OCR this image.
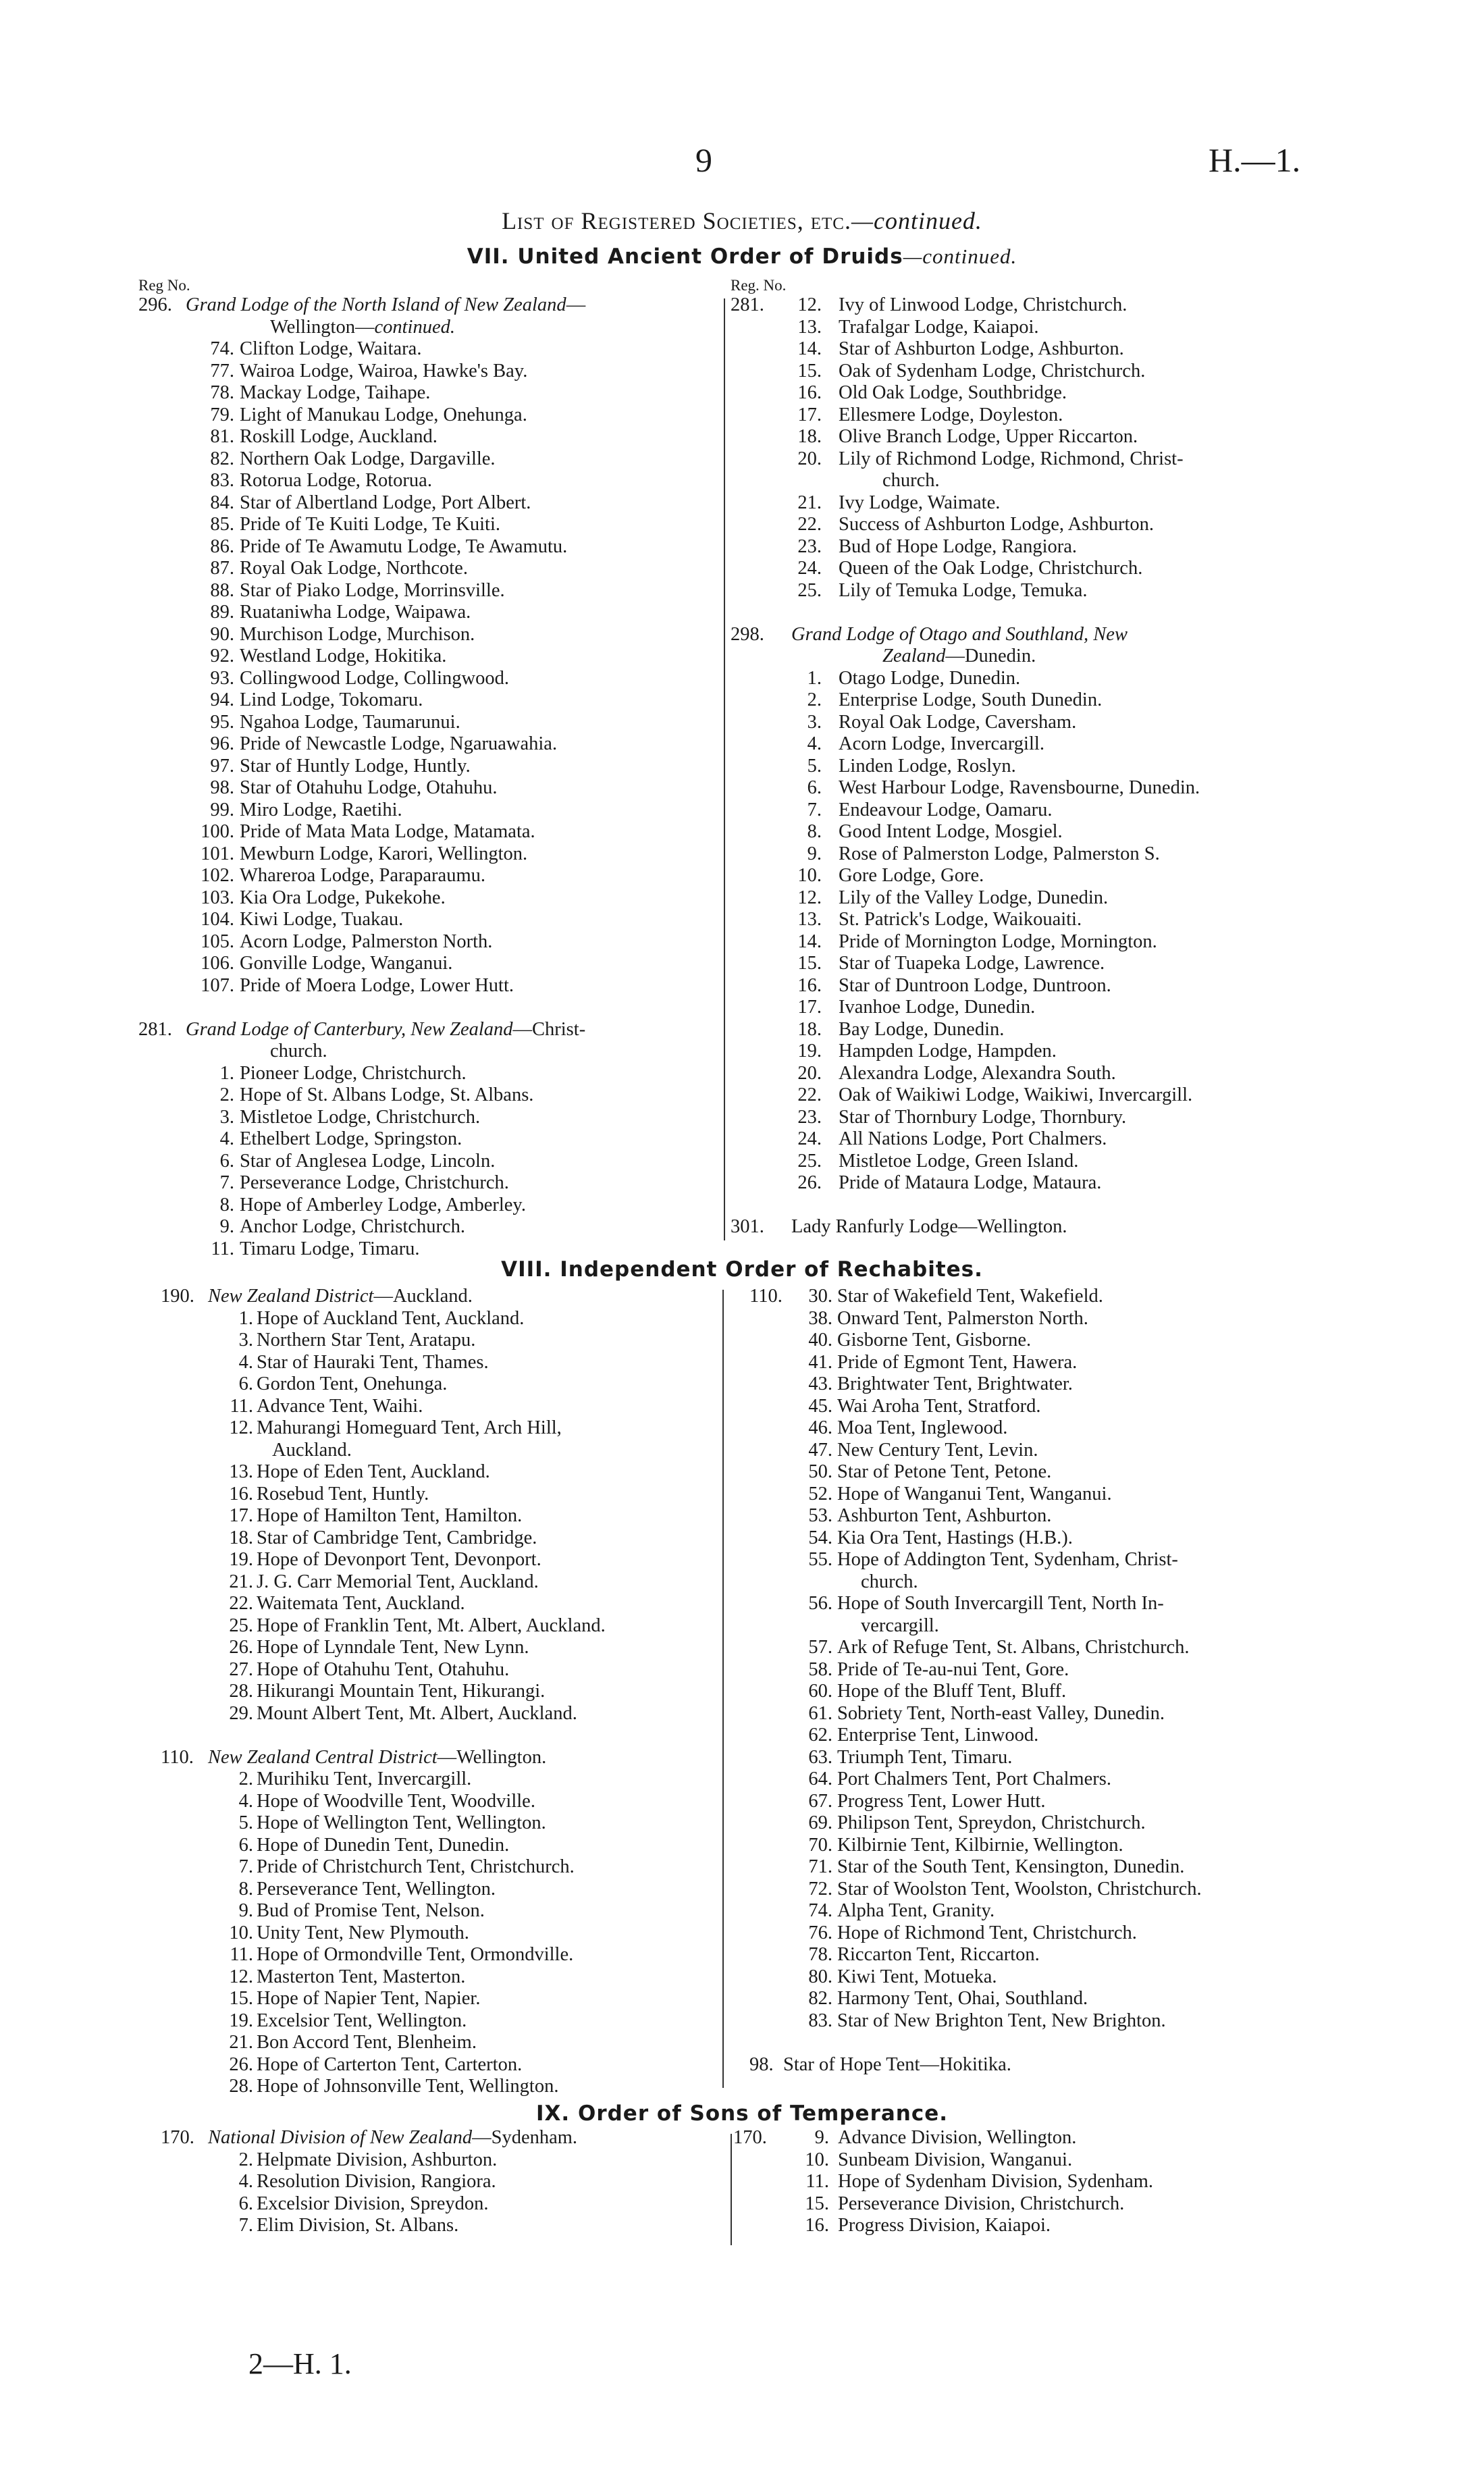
9	H.—1.
List of Registered Societies, etc.—continued.
VII. United Ancient Order of Druids—continued.
Reg No.	Reg. No.
296. Grand Lodge of the North Island of New Zealand—
Wellington—continued.
74. Clifton Lodge, Waitara.
77. Wairoa Lodge, Wairoa, Hawke's Bay.
78. Mackay Lodge, Taihape.
79. Light of Manukau Lodge, Onehunga.
81. Roskill Lodge, Auckland.
82. Northern Oak Lodge, Dargaville.
83. Rotorua Lodge, Rotorua.
84. Star of Albertland Lodge, Port Albert.
85. Pride of Te Kuiti Lodge, Te Kuiti.
86. Pride of Te Awamutu Lodge, Te Awamutu.
87. Royal Oak Lodge, Northcote.
88. Star of Piako Lodge, Morrinsville.
89. Ruataniwha Lodge, Waipawa.
90. Murchison Lodge, Murchison.
92. Westland Lodge, Hokitika.
93. Collingwood Lodge, Collingwood.
94. Lind Lodge, Tokomaru.
95. Ngahoa Lodge, Taumarunui.
96. Pride of Newcastle Lodge, Ngaruawahia.
97. Star of Huntly Lodge, Huntly.
98. Star of Otahuhu Lodge, Otahuhu.
99. Miro Lodge, Raetihi.
100. Pride of Mata Mata Lodge, Matamata.
101. Mewburn Lodge, Karori, Wellington.
102. Whareroa Lodge, Paraparaumu.
103. Kia Ora Lodge, Pukekohe.
104. Kiwi Lodge, Tuakau.
105. Acorn Lodge, Palmerston North.
106. Gonville Lodge, Wanganui.
107. Pride of Moera Lodge, Lower Hutt.
281. Grand Lodge of Canterbury, New Zealand—Christ-
church.
1. Pioneer Lodge, Christchurch.
2. Hope of St. Albans Lodge, St. Albans.
3. Mistletoe Lodge, Christchurch.
4. Ethelbert Lodge, Springston.
6. Star of Anglesea Lodge, Lincoln.
7. Perseverance Lodge, Christchurch.
8. Hope of Amberley Lodge, Amberley.
9. Anchor Lodge, Christchurch.
11. Timaru Lodge, Timaru.
281.	12. Ivy of Linwood Lodge, Christchurch.
13. Trafalgar Lodge, Kaiapoi.
14. Star of Ashburton Lodge, Ashburton.
15. Oak of Sydenham Lodge, Christchurch.
16. Old Oak Lodge, Southbridge.
17. Ellesmere Lodge, Doyleston.
18. Olive Branch Lodge, Upper Riccarton.
20. Lily of Richmond Lodge, Richmond, Christ-
church.
21. Ivy Lodge, Waimate.
22. Success of Ashburton Lodge, Ashburton.
23. Bud of Hope Lodge, Rangiora.
24. Queen of the Oak Lodge, Christchurch.
25. Lily of Temuka Lodge, Temuka.
298. Grand Lodge of Otago and Southland, New
Zealand—Dunedin.
1. Otago Lodge, Dunedin.
2. Enterprise Lodge, South Dunedin.
3. Royal Oak Lodge, Caversham.
4. Acorn Lodge, Invercargill.
5. Linden Lodge, Roslyn.
6. West Harbour Lodge, Ravensbourne, Dunedin.
7. Endeavour Lodge, Oamaru.
8. Good Intent Lodge, Mosgiel.
9. Rose of Palmerston Lodge, Palmerston S.
10. Gore Lodge, Gore.
12. Lily of the Valley Lodge, Dunedin.
13. St. Patrick's Lodge, Waikouaiti.
14. Pride of Mornington Lodge, Mornington.
15. Star of Tuapeka Lodge, Lawrence.
16. Star of Duntroon Lodge, Duntroon.
17. Ivanhoe Lodge, Dunedin.
18. Bay Lodge, Dunedin.
19. Hampden Lodge, Hampden.
20. Alexandra Lodge, Alexandra South.
22. Oak of Waikiwi Lodge, Waikiwi, Invercargill.
23. Star of Thornbury Lodge, Thornbury.
24. All Nations Lodge, Port Chalmers.
25. Mistletoe Lodge, Green Island.
26. Pride of Mataura Lodge, Mataura.
301. Lady Ranfurly Lodge—Wellington.
VIII. Independent Order of Rechabites.
190. New Zealand District—Auckland.
1. Hope of Auckland Tent, Auckland.
3. Northern Star Tent, Aratapu.
4. Star of Hauraki Tent, Thames.
6. Gordon Tent, Onehunga.
11. Advance Tent, Waihi.
12. Mahurangi Homeguard Tent, Arch Hill,
Auckland.
13. Hope of Eden Tent, Auckland.
16. Rosebud Tent, Huntly.
17. Hope of Hamilton Tent, Hamilton.
18. Star of Cambridge Tent, Cambridge.
19. Hope of Devonport Tent, Devonport.
21. J. G. Carr Memorial Tent, Auckland.
22. Waitemata Tent, Auckland.
25. Hope of Franklin Tent, Mt. Albert, Auckland.
26. Hope of Lynndale Tent, New Lynn.
27. Hope of Otahuhu Tent, Otahuhu.
28. Hikurangi Mountain Tent, Hikurangi.
29. Mount Albert Tent, Mt. Albert, Auckland.
110. New Zealand Central District—Wellington.
2. Murihiku Tent, Invercargill.
4. Hope of Woodville Tent, Woodville.
5. Hope of Wellington Tent, Wellington.
6. Hope of Dunedin Tent, Dunedin.
7. Pride of Christchurch Tent, Christchurch.
8. Perseverance Tent, Wellington.
9. Bud of Promise Tent, Nelson.
10. Unity Tent, New Plymouth.
11. Hope of Ormondville Tent, Ormondville.
12. Masterton Tent, Masterton.
15. Hope of Napier Tent, Napier.
19. Excelsior Tent, Wellington.
21. Bon Accord Tent, Blenheim.
26. Hope of Carterton Tent, Carterton.
28. Hope of Johnsonville Tent, Wellington.
110.	30. Star of Wakefield Tent, Wakefield.
38. Onward Tent, Palmerston North.
40. Gisborne Tent, Gisborne.
41. Pride of Egmont Tent, Hawera.
43. Brightwater Tent, Brightwater.
45. Wai Aroha Tent, Stratford.
46. Moa Tent, Inglewood.
47. New Century Tent, Levin.
50. Star of Petone Tent, Petone.
52. Hope of Wanganui Tent, Wanganui.
53. Ashburton Tent, Ashburton.
54. Kia Ora Tent, Hastings (H.B.).
55. Hope of Addington Tent, Sydenham, Christ-
church.
56. Hope of South Invercargill Tent, North In-
vercargill.
57. Ark of Refuge Tent, St. Albans, Christchurch.
58. Pride of Te-au-nui Tent, Gore.
60. Hope of the Bluff Tent, Bluff.
61. Sobriety Tent, North-east Valley, Dunedin.
62. Enterprise Tent, Linwood.
63. Triumph Tent, Timaru.
64. Port Chalmers Tent, Port Chalmers.
67. Progress Tent, Lower Hutt.
69. Philipson Tent, Spreydon, Christchurch.
70. Kilbirnie Tent, Kilbirnie, Wellington.
71. Star of the South Tent, Kensington, Dunedin.
72. Star of Woolston Tent, Woolston, Christchurch.
74. Alpha Tent, Granity.
76. Hope of Richmond Tent, Christchurch.
78. Riccarton Tent, Riccarton.
80. Kiwi Tent, Motueka.
82. Harmony Tent, Ohai, Southland.
83. Star of New Brighton Tent, New Brighton.
98. Star of Hope Tent—Hokitika.
IX. Order of Sons of Temperance.
170. National Division of New Zealand—Sydenham.
2. Helpmate Division, Ashburton.
4. Resolution Division, Rangiora.
6. Excelsior Division, Spreydon.
7. Elim Division, St. Albans.
170.	9. Advance Division, Wellington.
10. Sunbeam Division, Wanganui.
11. Hope of Sydenham Division, Sydenham.
15. Perseverance Division, Christchurch.
16. Progress Division, Kaiapoi.
2—H. 1.
